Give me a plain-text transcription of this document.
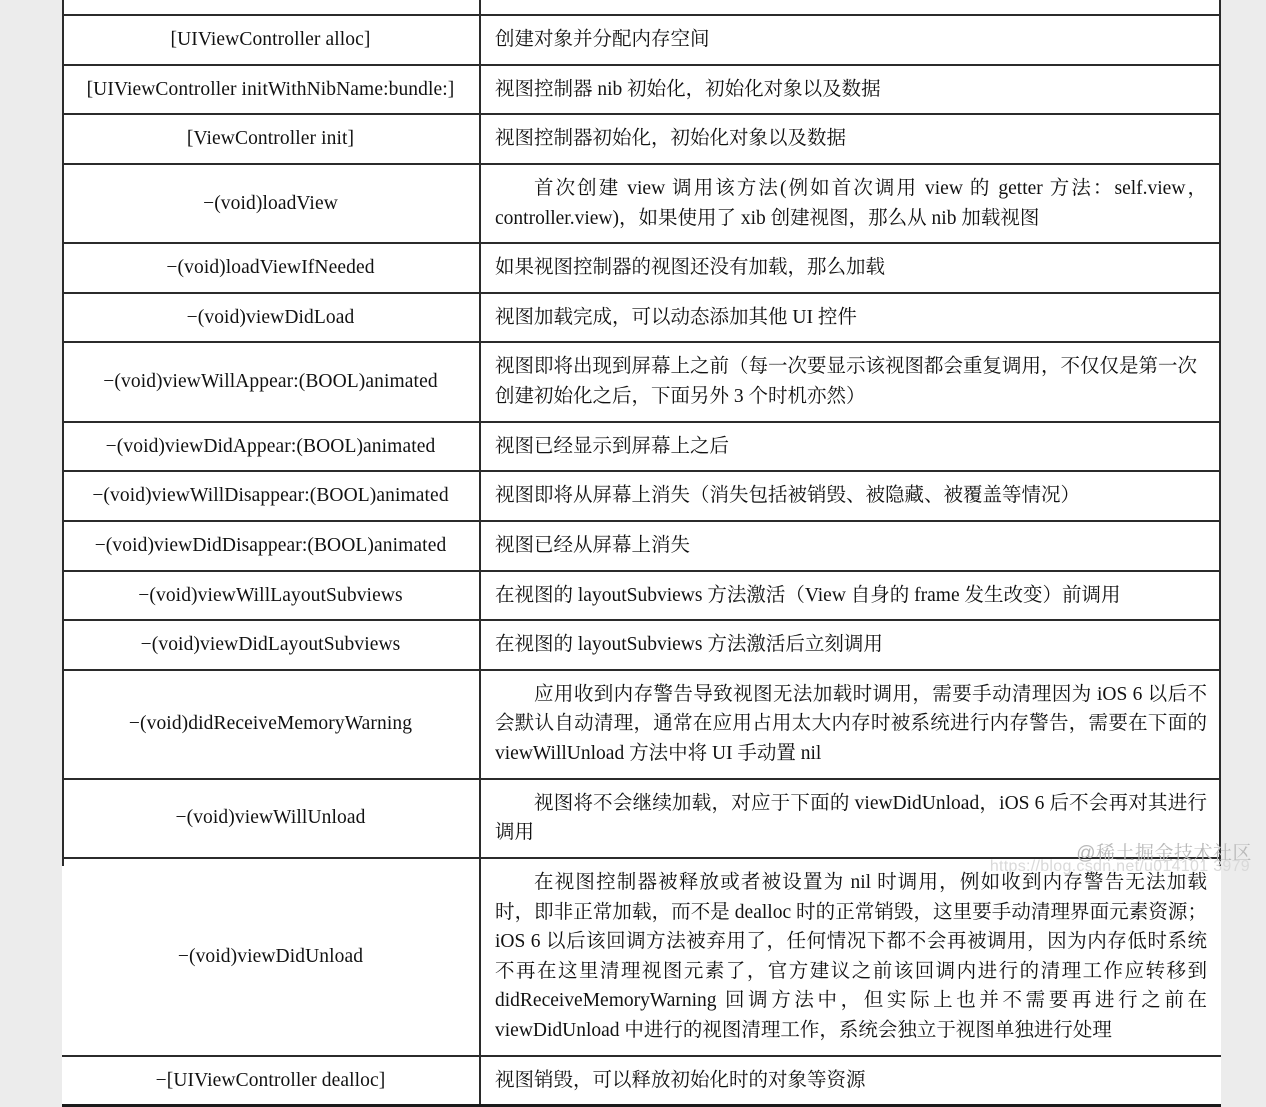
[UIViewController alloc]	创建对象并分配内存空间

[UIViewController initWithNibName:bundle:]	视图控制器 nib 初始化，初始化对象以及数据

[ViewController init]	视图控制器初始化，初始化对象以及数据

−(void)loadView	首次创建 view 调用该方法(例如首次调用 view 的 getter 方法：self.view，controller.view)，如果使用了 xib 创建视图，那么从 nib 加载视图

−(void)loadViewIfNeeded	如果视图控制器的视图还没有加载，那么加载

−(void)viewDidLoad	视图加载完成，可以动态添加其他 UI 控件

−(void)viewWillAppear:(BOOL)animated	视图即将出现到屏幕上之前（每一次要显示该视图都会重复调用，不仅仅是第一次创建初始化之后，下面另外 3 个时机亦然）

−(void)viewDidAppear:(BOOL)animated	视图已经显示到屏幕上之后

−(void)viewWillDisappear:(BOOL)animated	视图即将从屏幕上消失（消失包括被销毁、被隐藏、被覆盖等情况）

−(void)viewDidDisappear:(BOOL)animated	视图已经从屏幕上消失

−(void)viewWillLayoutSubviews	在视图的 layoutSubviews 方法激活（View 自身的 frame 发生改变）前调用

−(void)viewDidLayoutSubviews	在视图的 layoutSubviews 方法激活后立刻调用

−(void)didReceiveMemoryWarning	应用收到内存警告导致视图无法加载时调用，需要手动清理因为 iOS 6 以后不会默认自动清理，通常在应用占用太大内存时被系统进行内存警告，需要在下面的 viewWillUnload 方法中将 UI 手动置 nil

−(void)viewWillUnload	视图将不会继续加载，对应于下面的 viewDidUnload，iOS 6 后不会再对其进行调用

−(void)viewDidUnload	在视图控制器被释放或者被设置为 nil 时调用，例如收到内存警告无法加载时，即非正常加载，而不是 dealloc 时的正常销毁，这里要手动清理界面元素资源；iOS 6 以后该回调方法被弃用了，任何情况下都不会再被调用，因为内存低时系统不再在这里清理视图元素了，官方建议之前该回调内进行的清理工作应转移到 didReceiveMemoryWarning 回调方法中，但实际上也并不需要再进行之前在 viewDidUnload 中进行的视图清理工作，系统会独立于视图单独进行处理

−[UIViewController dealloc]	视图销毁，可以释放初始化时的对象等资源
@稀土掘金技术社区
https://blog.csdn.net/u014101 3979
